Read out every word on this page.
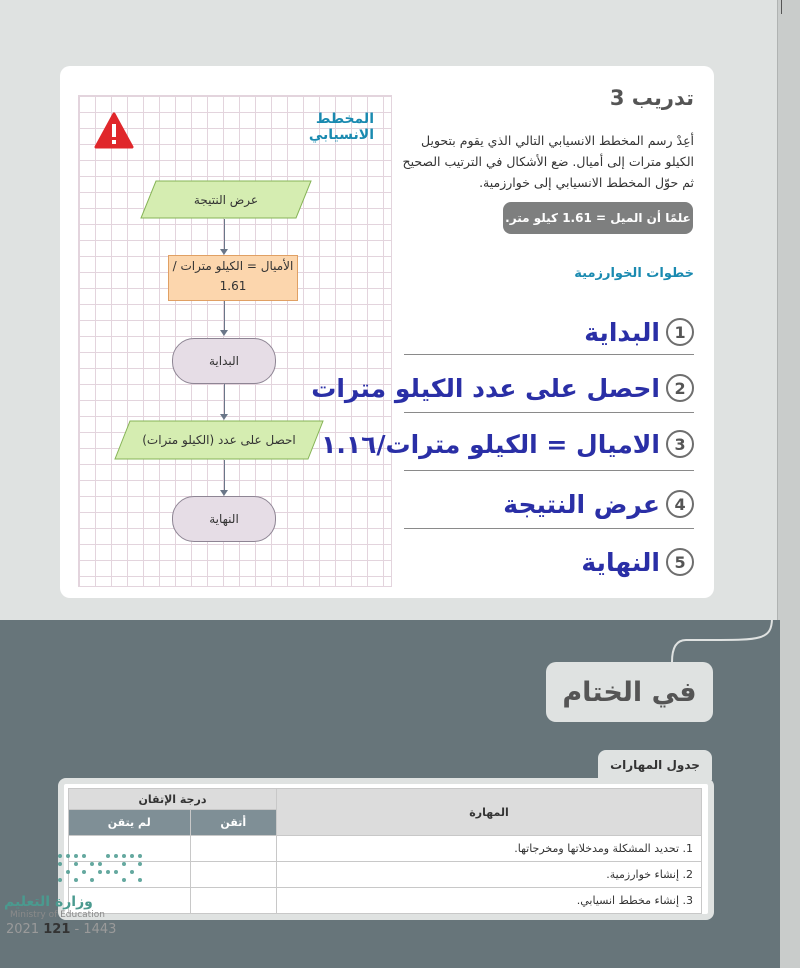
المخطط الانسيابي
عرض النتيجة
الأميال = الكيلو مترات / 1.61
البداية
احصل على عدد (الكيلو مترات)
النهاية
تدريب 3
أعِدْ رسم المخطط الانسيابي التالي الذي يقوم بتحويل الكيلو مترات إلى أميال. ضع الأشكال في الترتيب الصحيح ثم حوّل المخطط الانسيابي إلى خوارزمية.
علمًا أن الميل = 1.61 كيلو متر.
خطوات الخوارزمية
1
البداية
2
احصل على عدد الكيلو مترات
3
الاميال = الكيلو مترات/١.١٦
4
عرض النتيجة
5
النهاية
في الختام
جدول المهارات
درجة الإتقان		المهارة
لم يتقن	أتقن	
		1. تحديد المشكلة ومدخلاتها ومخرجاتها.
		2. إنشاء خوارزمية.
		3. إنشاء مخطط انسيابي.
وزارة التعليم
Ministry of Education
2021 121 - 1443
